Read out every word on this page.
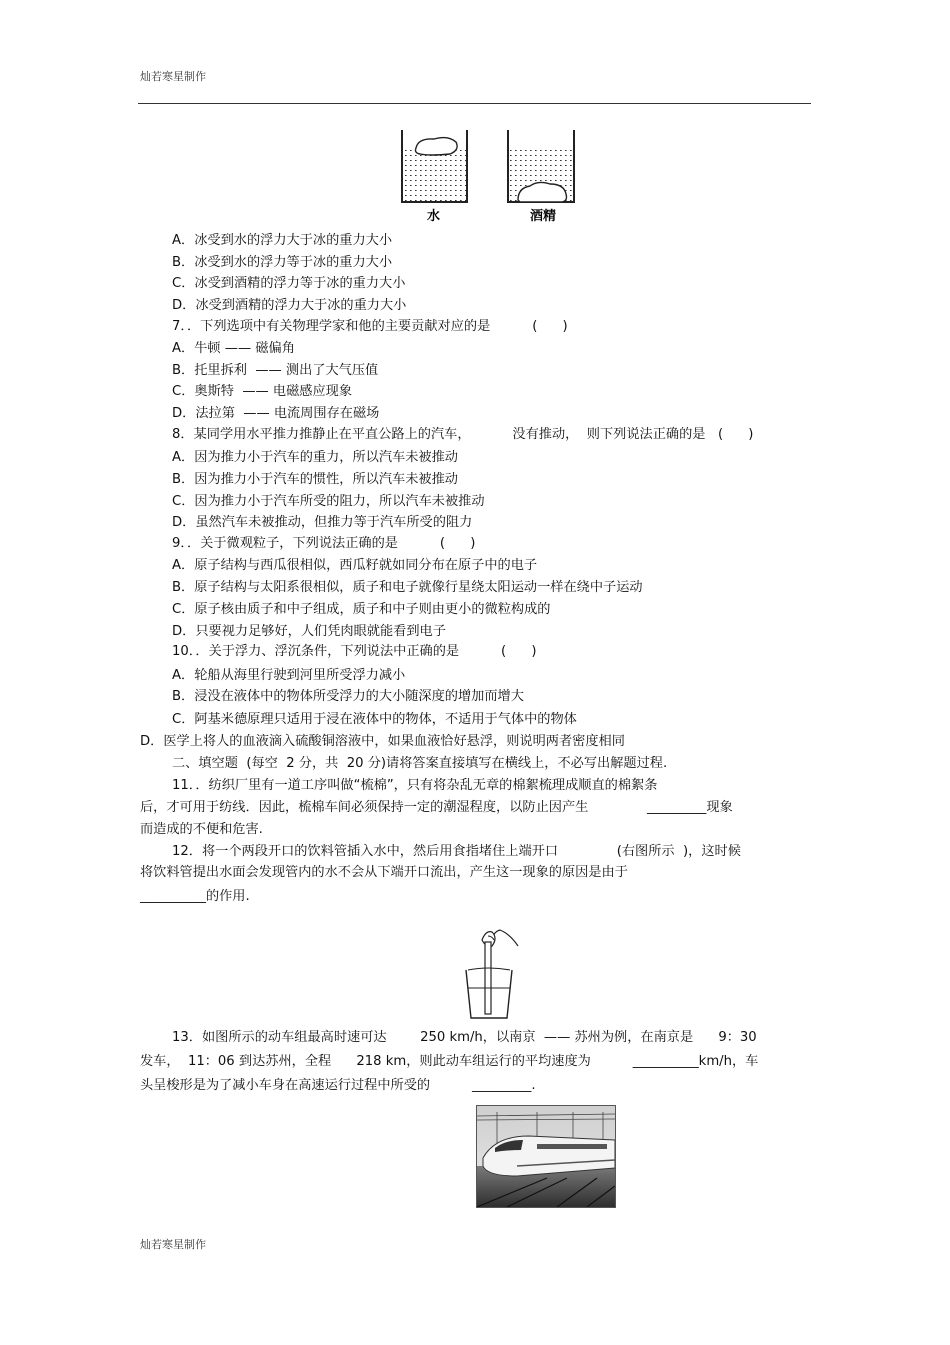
灿若寒星制作
水	酒精
A．冰受到水的浮力大于冰的重力大小
B．冰受到水的浮力等于冰的重力大小
C．冰受到酒精的浮力等于冰的重力大小
D．冰受到酒精的浮力大于冰的重力大小
7．．下列选项中有关物理学家和他的主要贡献对应的是          (      )
A．牛顿 —— 磁偏角
B．托里拆利  —— 测出了大气压值
C．奥斯特  —— 电磁感应现象
D．法拉第  —— 电流周围存在磁场
8．某同学用水平推力推静止在平直公路上的汽车，          没有推动，  则下列说法正确的是   (      )
A．因为推力小于汽车的重力，所以汽车未被推动
B．因为推力小于汽车的惯性，所以汽车未被推动
C．因为推力小于汽车所受的阻力，所以汽车未被推动
D．虽然汽车未被推动，但推力等于汽车所受的阻力
9．．关于微观粒子，下列说法正确的是          (      )
A．原子结构与西瓜很相似，西瓜籽就如同分布在原子中的电子
B．原子结构与太阳系很相似，质子和电子就像行星绕太阳运动一样在绕中子运动
C．原子核由质子和中子组成，质子和中子则由更小的微粒构成的
D．只要视力足够好，人们凭肉眼就能看到电子
10．．关于浮力、浮沉条件，下列说法中正确的是          (      )
A．轮船从海里行驶到河里所受浮力减小
B．浸没在液体中的物体所受浮力的大小随深度的增加而增大
C．阿基米德原理只适用于浸在液体中的物体，不适用于气体中的物体
D．医学上将人的血液滴入硫酸铜溶液中，如果血液恰好悬浮，则说明两者密度相同
二、填空题  (每空  2 分，共  20 分)请将答案直接填写在横线上，不必写出解题过程.
11．．纺织厂里有一道工序叫做“梳棉”，只有将杂乱无章的棉絮梳理成顺直的棉絮条
后，才可用于纺线．因此，梳棉车间必须保持一定的潮湿程度，以防止因产生              _________现象
而造成的不便和危害.
12．将一个两段开口的饮料管插入水中，然后用食指堵住上端开口              (右图所示  )，这时候
将饮料管提出水面会发现管内的水不会从下端开口流出，产生这一现象的原因是由于
__________的作用.
13．如图所示的动车组最高时速可达        250 km/h，以南京  —— 苏州为例，在南京是      9：30
发车，  11：06 到达苏州，全程      218 km，则此动车组运行的平均速度为          __________km/h，车
头呈梭形是为了减小车身在高速运行过程中所受的          _________.
灿若寒星制作
